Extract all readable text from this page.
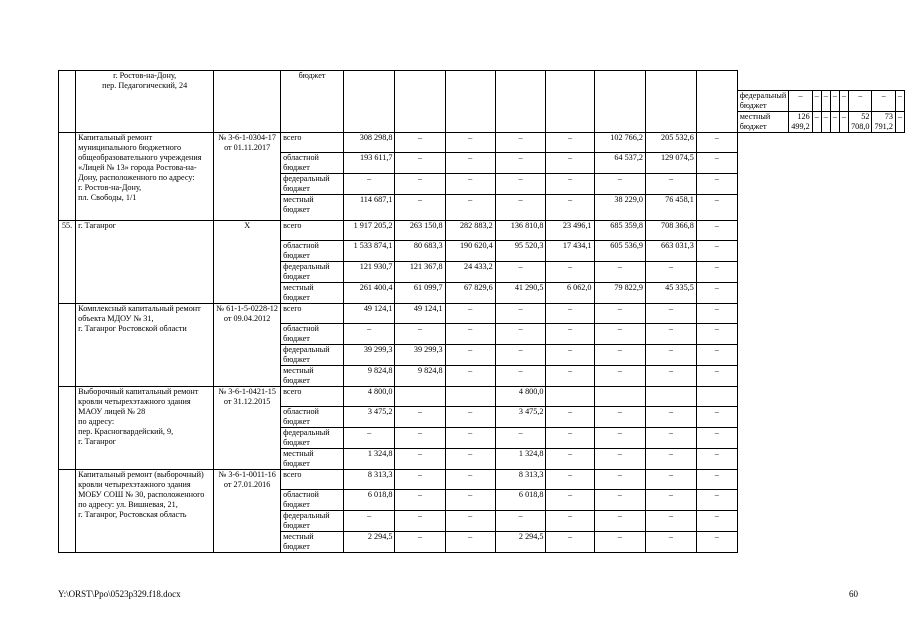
	г. Ростов-на-Дону,
пер. Педагогический, 24		бюджет																	
												федеральный
бюджет	–	–	–	–	–	–	–	–
												местный
бюджет	126 499,2	–	–	–	–	52 708,0	73 791,2	–
	Капитальный ремонт муниципального бюджетного общеобразовательного учреждения «Лицей № 13» города Ростова-на-Дону, расположенного по адресу:
г. Ростов-на-Дону,
пл. Свободы, 1/1	№ 3-6-1-0304-17
от 01.11.2017	всего	308 298,8	–	–	–	–	102 766,2	205 532,6	–									
			областной
бюджет	193 611,7	–	–	–	–	64 537,2	129 074,5	–									
			федеральный
бюджет	–	–	–	–	–	–	–	–									
			местный
бюджет	114 687,1	–	–	–	–	38 229,0	76 458,1	–									
55.	г. Таганрог	Х	всего	1 917 205,2	263 150,8	282 883,2	136 810,8	23 496,1	685 359,8	708 366,8	–									
			областной
бюджет	1 533 874,1	80 683,3	190 620,4	95 520,3	17 434,1	605 536,9	663 031,3	–									
			федеральный
бюджет	121 930,7	121 367,8	24 433,2	–	–	–	–	–									
			местный
бюджет	261 400,4	61 099,7	67 829,6	41 290,5	6 062,0	79 822,9	45 335,5	–									
	Комплексный капитальный ремонт объекта МДОУ № 31,
г. Таганрог Ростовской области	№ 61-1-5-0228-12
от 09.04.2012	всего	49 124,1	49 124,1	–	–	–	–	–	–									
			областной
бюджет	–	–	–	–	–	–	–	–									
			федеральный
бюджет	39 299,3	39 299,3	–	–	–	–	–	–									
			местный
бюджет	9 824,8	9 824,8	–	–	–	–	–	–									
	Выборочный капитальный ремонт кровли четырехэтажного здания МАОУ лицей № 28
по адресу:
пер. Красногвардейский, 9,
г. Таганрог	№ 3-6-1-0421-15
от 31.12.2015	всего	4 800,0			4 800,0													
			областной
бюджет	3 475,2	–	–	3 475,2	–	–	–	–									
			федеральный
бюджет	–	–	–	–	–	–	–	–									
			местный
бюджет	1 324,8	–	–	1 324,8	–	–	–	–									
	Капитальный ремонт (выборочный) кровли четырехэтажного здания МОБУ СОШ № 30, расположенного по адресу: ул. Вишневая, 21,
г. Таганрог, Ростовская область	№ 3-6-1-0011-16
от 27.01.2016	всего	8 313,3	–	–	8 313,3	–	–	–	–									
			областной
бюджет	6 018,8	–	–	6 018,8	–	–	–	–									
			федеральный
бюджет	–	–	–	–	–	–	–	–									
			местный
бюджет	2 294,5	–	–	2 294,5	–	–	–	–									
Y:\ORST\Ppo\0523p329.f18.docx	60
